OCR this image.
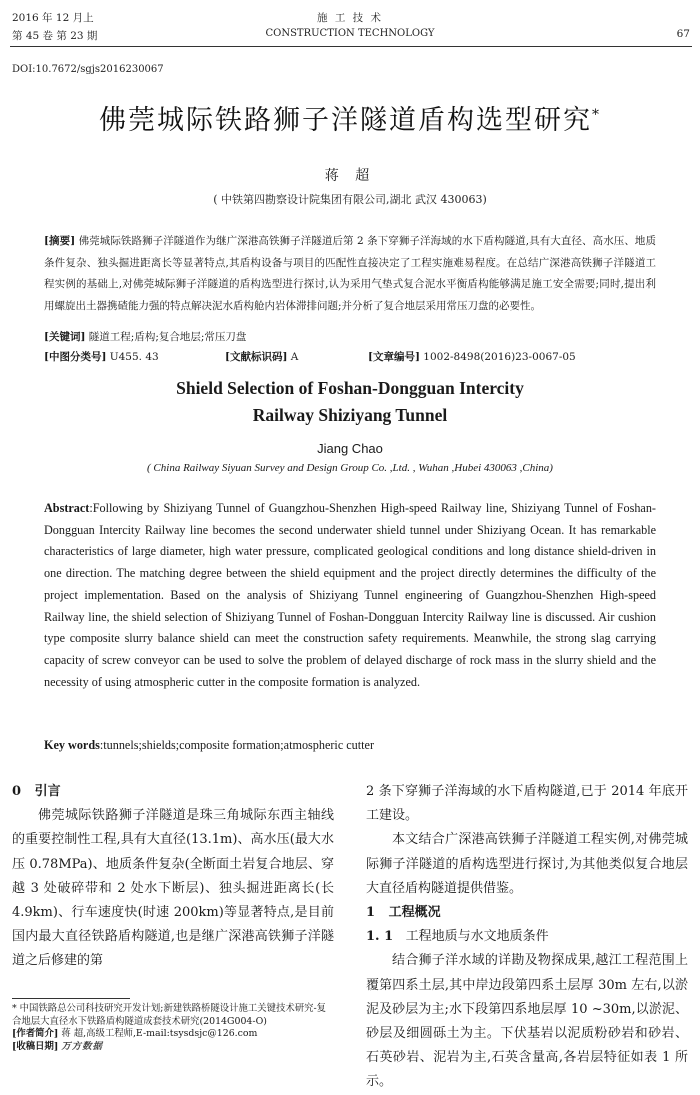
2016 年 12 月上
第 45 卷 第 23 期
施 工 技 术
CONSTRUCTION TECHNOLOGY	67
DOI:10.7672/sgjs2016230067
佛莞城际铁路狮子洋隧道盾构选型研究*
蒋 超
( 中铁第四勘察设计院集团有限公司,湖北 武汉 430063)
[摘要] 佛莞城际铁路狮子洋隧道作为继广深港高铁狮子洋隧道后第 2 条下穿狮子洋海域的水下盾构隧道,具有大直径、高水压、地质条件复杂、独头掘进距离长等显著特点,其盾构设备与项目的匹配性直接决定了工程实施难易程度。在总结广深港高铁狮子洋隧道工程实例的基础上,对佛莞城际狮子洋隧道的盾构选型进行探讨,认为采用气垫式复合泥水平衡盾构能够满足施工安全需要;同时,提出利用螺旋出土器携碴能力强的特点解决泥水盾构舱内岩体滞排问题;并分析了复合地层采用常压刀盘的必要性。
[关键词] 隧道工程;盾构;复合地层;常压刀盘
[中图分类号] U455. 43	[文献标识码] A	[文章编号] 1002-8498(2016)23-0067-05
Shield Selection of Foshan-Dongguan Intercity
Railway Shiziyang Tunnel
Jiang Chao
( China Railway Siyuan Survey and Design Group Co. ,Ltd. , Wuhan ,Hubei 430063 ,China)
Abstract:Following by Shiziyang Tunnel of Guangzhou-Shenzhen High-speed Railway line, Shiziyang Tunnel of Foshan-Dongguan Intercity Railway line becomes the second underwater shield tunnel under Shiziyang Ocean. It has remarkable characteristics of large diameter, high water pressure, complicated geological conditions and long distance shield-driven in one direction. The matching degree between the shield equipment and the project directly determines the difficulty of the project implementation. Based on the analysis of Shiziyang Tunnel engineering of Guangzhou-Shenzhen High-speed Railway line, the shield selection of Shiziyang Tunnel of Foshan-Dongguan Intercity Railway line is discussed. Air cushion type composite slurry balance shield can meet the construction safety requirements. Meanwhile, the strong slag carrying capacity of screw conveyor can be used to solve the problem of delayed discharge of rock mass in the slurry shield and the necessity of using atmospheric cutter in the composite formation is analyzed.
Key words:tunnels;shields;composite formation;atmospheric cutter
0 引言

佛莞城际铁路狮子洋隧道是珠三角城际东西主轴线的重要控制性工程,具有大直径(13.1m)、高水压(最大水压 0.78MPa)、地质条件复杂(全断面土岩复合地层、穿越 3 处破碎带和 2 处水下断层)、独头掘进距离长(长 4.9km)、行车速度快(时速 200km)等显著特点,是目前国内最大直径铁路盾构隧道,也是继广深港高铁狮子洋隧道之后修建的第

2 条下穿狮子洋海域的水下盾构隧道,已于 2014 年底开工建设。

本文结合广深港高铁狮子洋隧道工程实例,对佛莞城际狮子洋隧道的盾构选型进行探讨,为其他类似复合地层大直径盾构隧道提供借鉴。

1 工程概况
1. 1 工程地质与水文地质条件

结合狮子洋水域的详勘及物探成果,越江工程范围上覆第四系土层,其中岸边段第四系土层厚 30m 左右,以淤泥及砂层为主;水下段第四系地层厚 10 ~30m,以淤泥、砂层及细圆砾土为主。下伏基岩以泥质粉砂岩和砂岩、石英砂岩、泥岩为主,石英含量高,各岩层特征如表 1 所示。

* 中国铁路总公司科技研究开发计划;新建铁路桥隧设计施工关键技术研究-复合地层大直径水下铁路盾构隧道成套技术研究(2014G004-O)
[作者简介] 蒋 超,高级工程师,E-mail:tsysdsjc@126.com
[收稿日期] 万方数据
